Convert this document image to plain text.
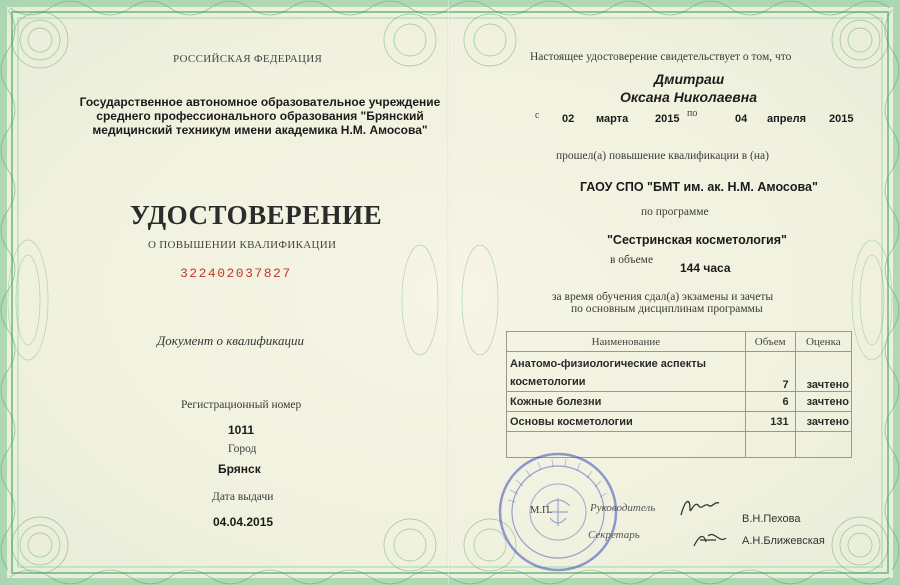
РОССИЙСКАЯ ФЕДЕРАЦИЯ
Государственное автономное образовательное учреждение
среднего профессионального образования "Брянский
медицинский техникум имени академика Н.М. Амосова"
УДОСТОВЕРЕНИЕ
О ПОВЫШЕНИИ КВАЛИФИКАЦИИ
322402037827
Документ о квалификации
Регистрационный номер
1011
Город
Брянск
Дата выдачи
04.04.2015
Настоящее удостоверение свидетельствует о том, что
Дмитраш
Оксана Николаевна
с 02 марта 2015 по	04 апреля 2015
прошел(а) повышение квалификации в (на)
ГАОУ СПО "БМТ им. ак. Н.М. Амосова"
по программе
"Сестринская косметология"
в объеме
144 часа
за время обучения сдал(а) экзамены и зачеты
по основным дисциплинам программы
Наименование	Объем	Оценка

Анатомо-физиологические аспекты
косметологии	7	зачтено
Кожные болезни	6	зачтено
Основы косметологии	131	зачтено

М.П.	Руководитель
В.Н.Пехова
Секретарь	А.Н.Ближевская
